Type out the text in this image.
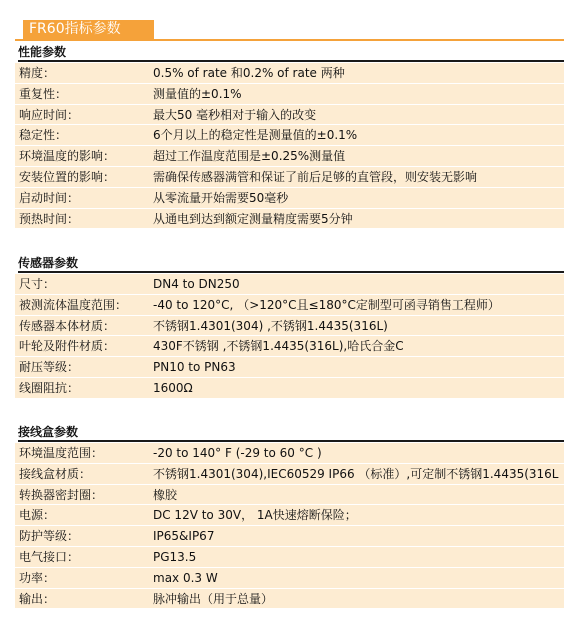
FR60指标参数
性能参数
精度：	0.5% of rate 和0.2% of rate 两种
重复性：	测量值的±0.1%
响应时间：	最大50 毫秒相对于输入的改变
稳定性：	6个月以上的稳定性是测量值的±0.1%
环境温度的影响：	超过工作温度范围是±0.25%测量值
安装位置的影响：	需确保传感器满管和保证了前后足够的直管段，则安装无影响
启动时间：	从零流量开始需要50毫秒
预热时间：	从通电到达到额定测量精度需要5分钟
传感器参数
尺寸：	DN4 to DN250
被测流体温度范围： -40 to 120°C, （>120°C且≤180°C定制型可函寻销售工程师）
传感器本体材质：	不锈钢1.4301(304) ,不锈钢1.4435(316L)
叶轮及附件材质：	430F不锈钢 ,不锈钢1.4435(316L),哈氏合金C
耐压等级：	PN10 to PN63
线圈阻抗：	1600Ω
接线盒参数
环境温度范围：	-20 to 140° F (-29 to 60 °C )
接线盒材质：	不锈钢1.4301(304),IEC60529 IP66 （标准）,可定制不锈钢1.4435(316L
转换器密封圈：	橡胶
电源：	DC 12V to 30V， 1A快速熔断保险；
防护等级：	IP65&IP67
电气接口：	PG13.5
功率：	max 0.3 W
输出：	脉冲输出（用于总量）
